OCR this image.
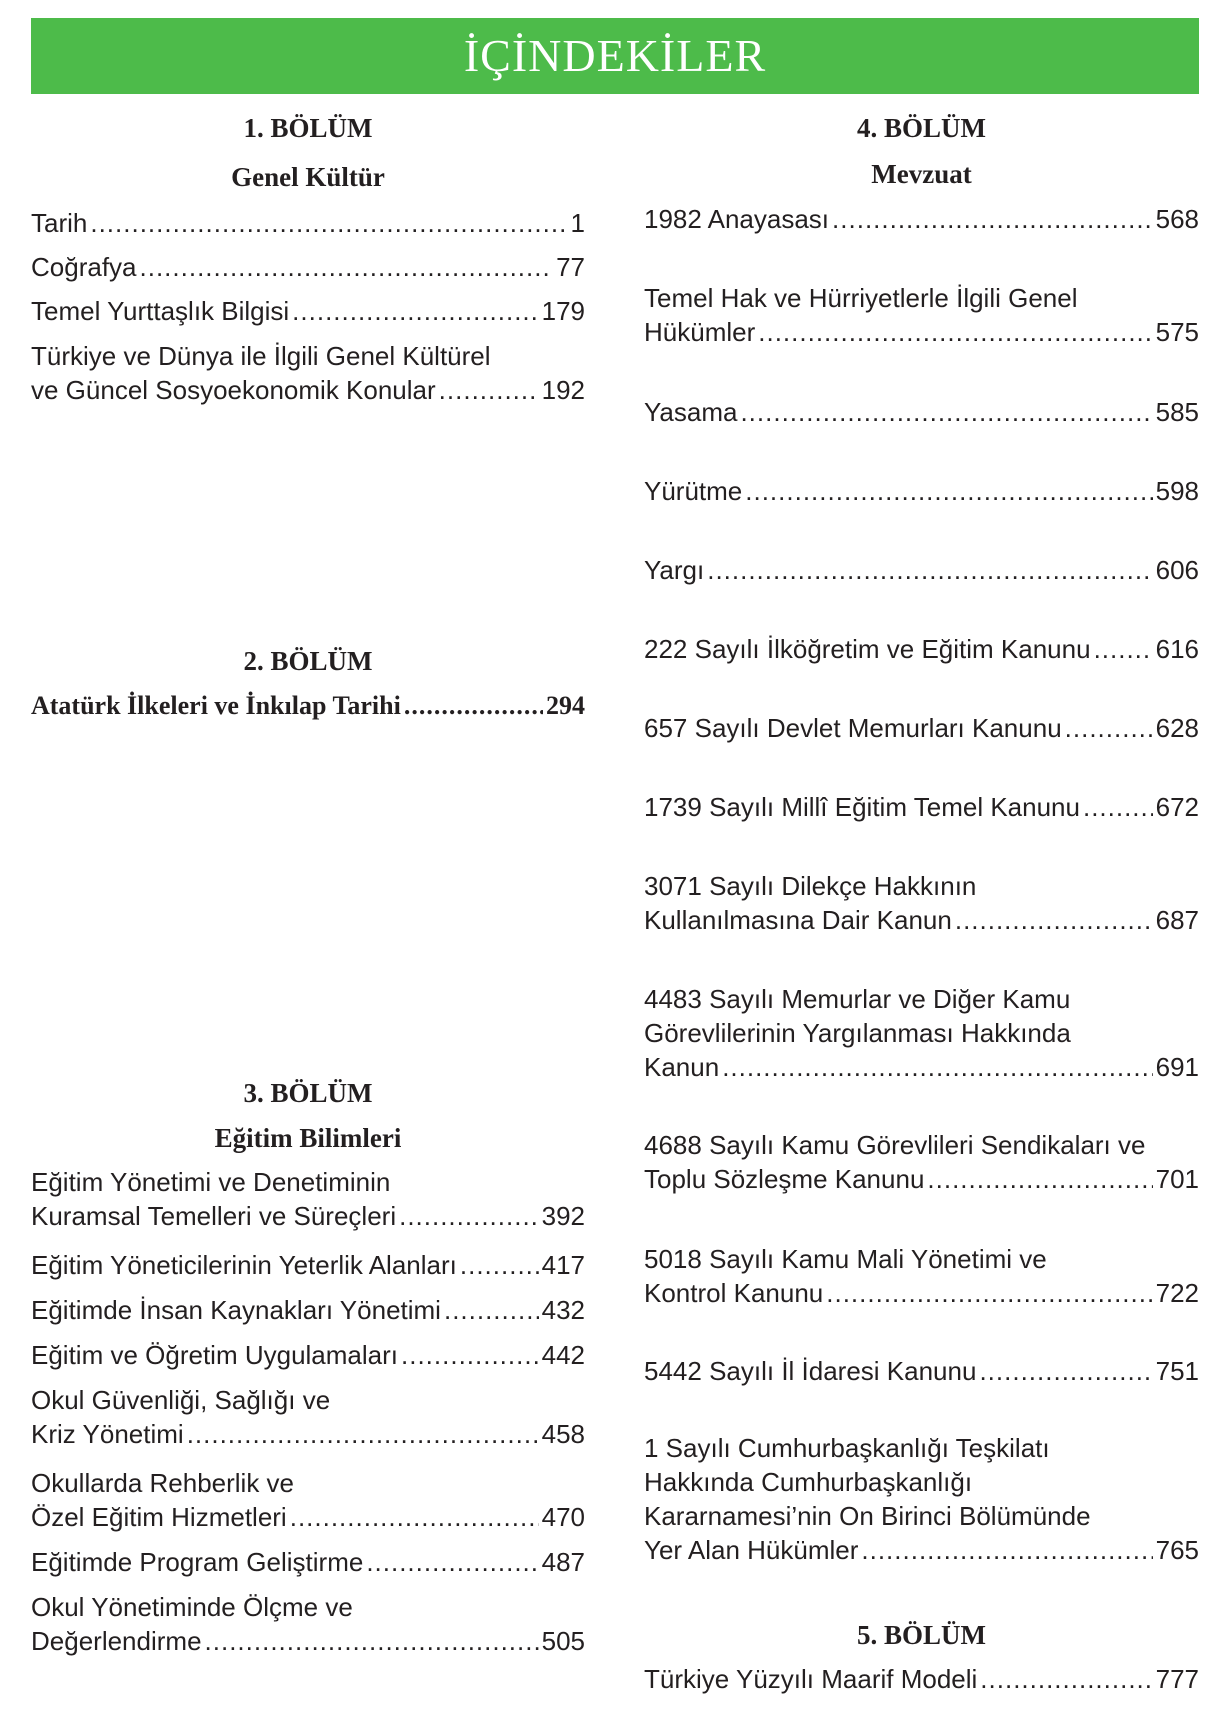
İÇİNDEKİLER
1. BÖLÜM
Genel Kültür
Tarih .....	1
Coğrafya .....	77
Temel Yurttaşlık Bilgisi .....	179
Türkiye ve Dünya ile İlgili Genel Kültürel
ve Güncel Sosyoekonomik Konular .....	192
2. BÖLÜM
Atatürk İlkeleri ve İnkılap Tarihi .....	294
3. BÖLÜM
Eğitim Bilimleri
Eğitim Yönetimi ve Denetiminin
Kuramsal Temelleri ve Süreçleri .....	392
Eğitim Yöneticilerinin Yeterlik Alanları .....	417
Eğitimde İnsan Kaynakları Yönetimi .....	432
Eğitim ve Öğretim Uygulamaları .....	442
Okul Güvenliği, Sağlığı ve
Kriz Yönetimi .....	458
Okullarda Rehberlik ve
Özel Eğitim Hizmetleri .....	470
Eğitimde Program Geliştirme .....	487
Okul Yönetiminde Ölçme ve
Değerlendirme .....	505
4. BÖLÜM
Mevzuat
1982 Anayasası .....	568
Temel Hak ve Hürriyetlerle İlgili Genel
Hükümler .....	575
Yasama .....	585
Yürütme .....	598
Yargı .....	606
222 Sayılı İlköğretim ve Eğitim Kanunu .....	616
657 Sayılı Devlet Memurları Kanunu .....	628
1739 Sayılı Millî Eğitim Temel Kanunu .....	672
3071 Sayılı Dilekçe Hakkının
Kullanılmasına Dair Kanun .....	687
4483 Sayılı Memurlar ve Diğer Kamu
Görevlilerinin Yargılanması Hakkında
Kanun .....	691
4688 Sayılı Kamu Görevlileri Sendikaları ve
Toplu Sözleşme Kanunu .....	701
5018 Sayılı Kamu Mali Yönetimi ve
Kontrol Kanunu .....	722
5442 Sayılı İl İdaresi Kanunu .....	751
1 Sayılı Cumhurbaşkanlığı Teşkilatı
Hakkında Cumhurbaşkanlığı
Kararnamesi’nin On Birinci Bölümünde
Yer Alan Hükümler .....	765
5. BÖLÜM
Türkiye Yüzyılı Maarif Modeli .....	777
